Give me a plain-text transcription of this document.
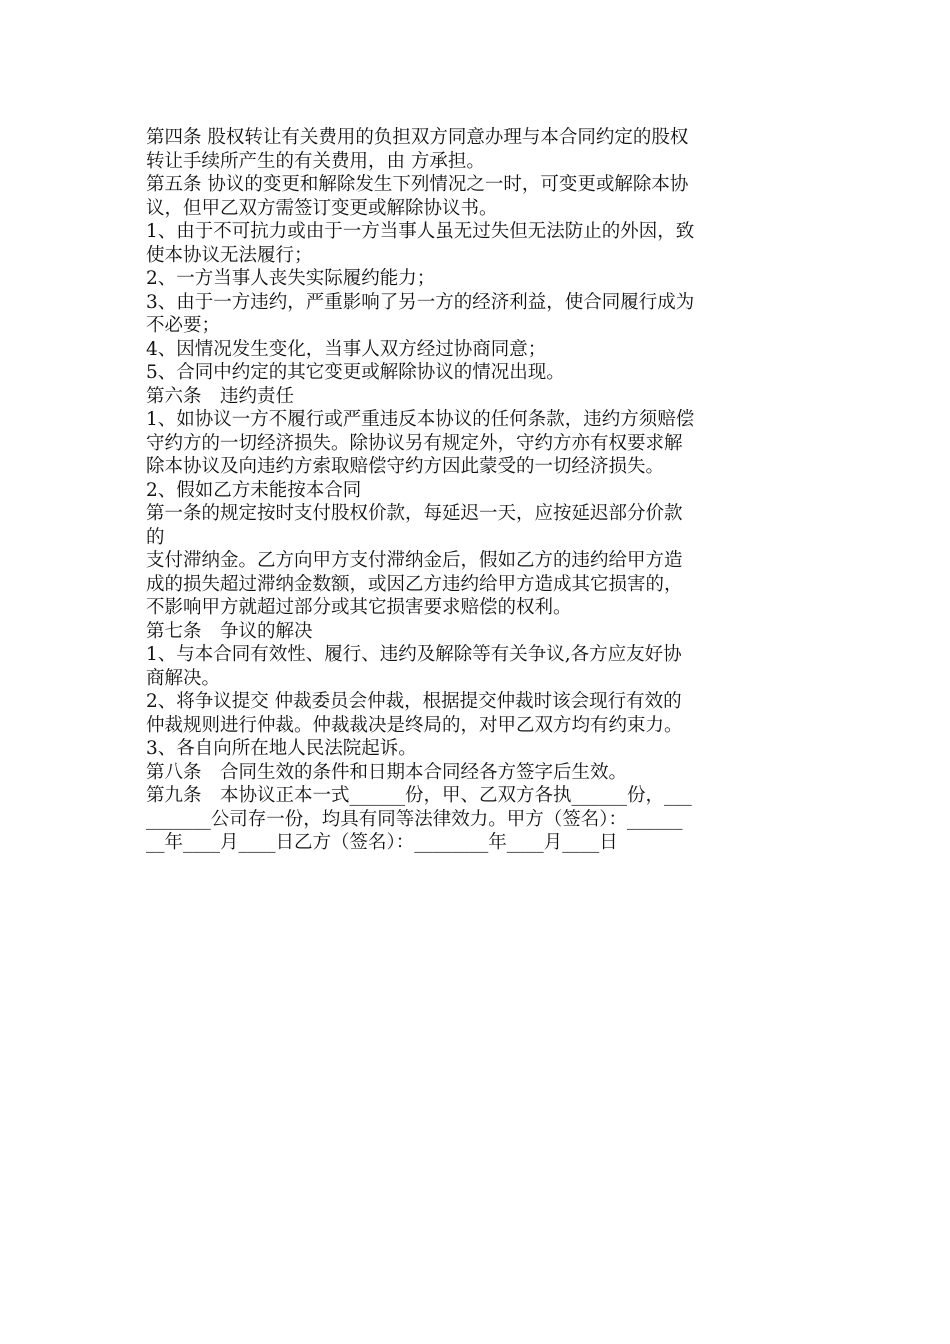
第四条 股权转让有关费用的负担双方同意办理与本合同约定的股权
转让手续所产生的有关费用，由 方承担。
第五条 协议的变更和解除发生下列情况之一时，可变更或解除本协
议，但甲乙双方需签订变更或解除协议书。
1、由于不可抗力或由于一方当事人虽无过失但无法防止的外因，致
使本协议无法履行；
2、一方当事人丧失实际履约能力；
3、由于一方违约，严重影响了另一方的经济利益，使合同履行成为
不必要；
4、因情况发生变化，当事人双方经过协商同意；
5、合同中约定的其它变更或解除协议的情况出现。
第六条　违约责任
1、如协议一方不履行或严重违反本协议的任何条款，违约方须赔偿
守约方的一切经济损失。除协议另有规定外，守约方亦有权要求解
除本协议及向违约方索取赔偿守约方因此蒙受的一切经济损失。
2、假如乙方未能按本合同
第一条的规定按时支付股权价款，每延迟一天，应按延迟部分价款
的
支付滞纳金。乙方向甲方支付滞纳金后，假如乙方的违约给甲方造
成的损失超过滞纳金数额，或因乙方违约给甲方造成其它损害的，
不影响甲方就超过部分或其它损害要求赔偿的权利。
第七条　争议的解决
1、与本合同有效性、履行、违约及解除等有关争议,各方应友好协
商解决。
2、将争议提交 仲裁委员会仲裁，根据提交仲裁时该会现行有效的
仲裁规则进行仲裁。仲裁裁决是终局的，对甲乙双方均有约束力。
3、各自向所在地人民法院起诉。
第八条　合同生效的条件和日期本合同经各方签字后生效。
第九条　本协议正本一式______份，甲、乙双方各执______份，___
_______公司存一份，均具有同等法律效力。甲方（签名）：______
__年____月____日乙方（签名）：________年____月____日
